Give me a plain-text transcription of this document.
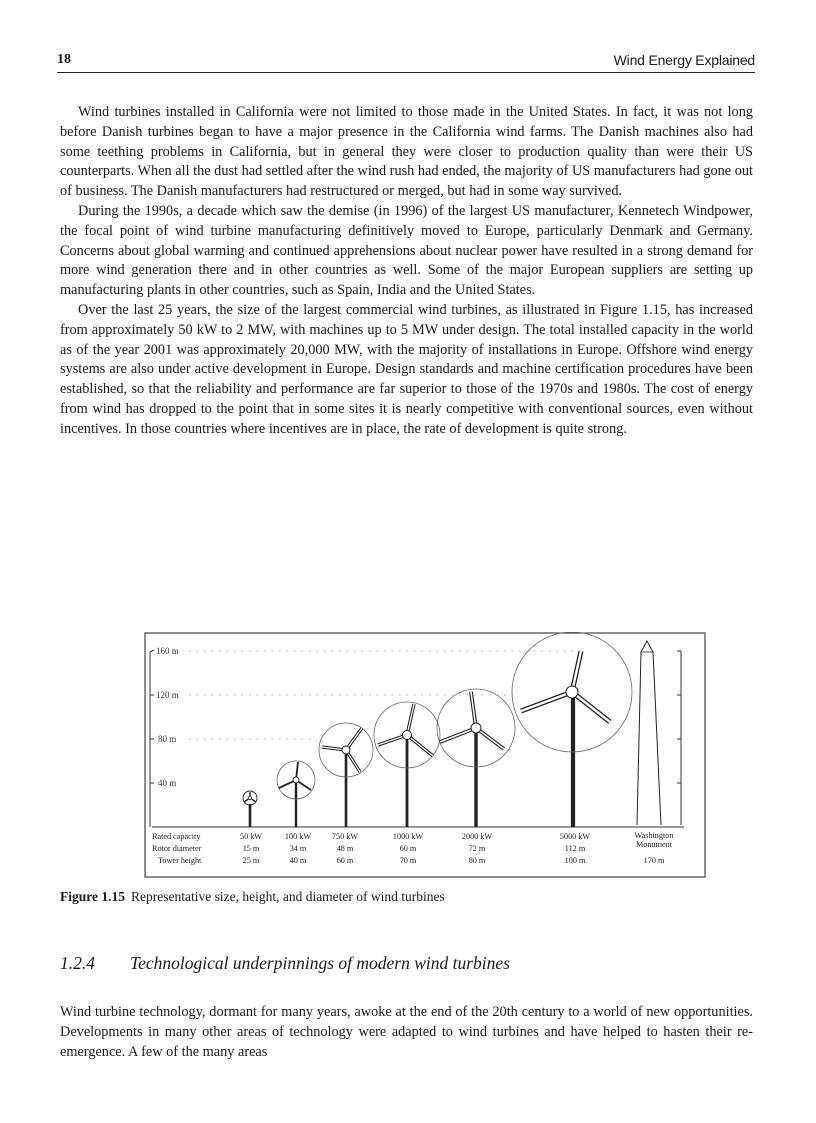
18	Wind Energy Explained

Wind turbines installed in California were not limited to those made in the United States. In fact, it was not long before Danish turbines began to have a major presence in the California wind farms. The Danish machines also had some teething problems in California, but in general they were closer to production quality than were their US counterparts. When all the dust had settled after the wind rush had ended, the majority of US manufacturers had gone out of business. The Danish manufacturers had restructured or merged, but had in some way survived.

During the 1990s, a decade which saw the demise (in 1996) of the largest US manufacturer, Kennetech Windpower, the focal point of wind turbine manufacturing definitively moved to Europe, particularly Denmark and Germany. Concerns about global warming and continued apprehensions about nuclear power have resulted in a strong demand for more wind generation there and in other countries as well. Some of the major European suppliers are setting up manufacturing plants in other countries, such as Spain, India and the United States.

Over the last 25 years, the size of the largest commercial wind turbines, as illustrated in Figure 1.15, has increased from approximately 50 kW to 2 MW, with machines up to 5 MW under design. The total installed capacity in the world as of the year 2001 was approximately 20,000 MW, with the majority of installations in Europe. Offshore wind energy systems are also under active development in Europe. Design standards and machine certification procedures have been established, so that the reliability and performance are far superior to those of the 1970s and 1980s. The cost of energy from wind has dropped to the point that in some sites it is nearly competitive with conventional sources, even without incentives. In those countries where incentives are in place, the rate of development is quite strong.

160 m
120 m
80 m
40 m
Rated capacity
Rotor diameter
Tower height
50 kW
15 m
25 m
100 kW
34 m
40 m
750 kW
48 m
60 m
1000 kW
60 m
70 m
2000 kW
72 m
80 m
5000 kW
112 m
100 m
Washington
Monument
170 m
Figure 1.15 Representative size, height, and diameter of wind turbines
1.2.4 Technological underpinnings of modern wind turbines

Wind turbine technology, dormant for many years, awoke at the end of the 20th century to a world of new opportunities. Developments in many other areas of technology were adapted to wind turbines and have helped to hasten their re-emergence. A few of the many areas
